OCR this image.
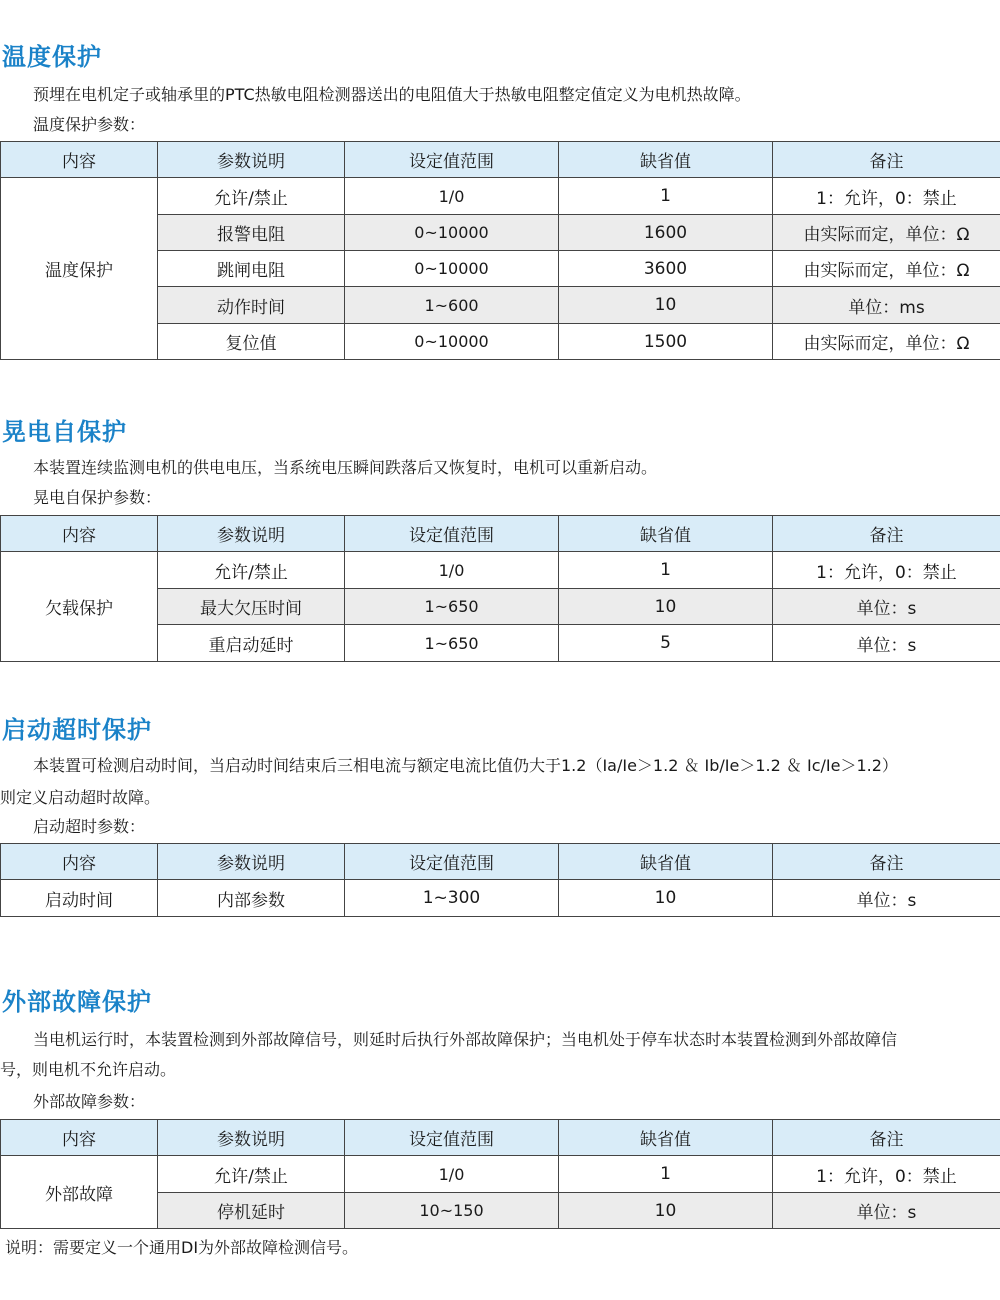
温度保护
预埋在电机定子或轴承里的PTC热敏电阻检测器送出的电阻值大于热敏电阻整定值定义为电机热故障。
温度保护参数：
内容	参数说明	设定值范围	缺省值	备注
温度保护	允许/禁止	1/0	1	1：允许，0：禁止
	报警电阻	0~10000	1600	由实际而定，单位：Ω
	跳闸电阻	0~10000	3600	由实际而定，单位：Ω
	动作时间	1~600	10	单位：ms
	复位值	0~10000	1500	由实际而定，单位：Ω
晃电自保护
本装置连续监测电机的供电电压，当系统电压瞬间跌落后又恢复时，电机可以重新启动。
晃电自保护参数：
内容	参数说明	设定值范围	缺省值	备注
欠载保护	允许/禁止	1/0	1	1：允许，0：禁止
	最大欠压时间	1~650	10	单位：s
	重启动延时	1~650	5	单位：s
启动超时保护
本装置可检测启动时间，当启动时间结束后三相电流与额定电流比值仍大于1.2（Ia/Ie＞1.2 ＆ Ib/Ie＞1.2 ＆ Ic/Ie＞1.2）
则定义启动超时故障。
启动超时参数：
内容	参数说明	设定值范围	缺省值	备注
启动时间	内部参数	1~300	10	单位：s
外部故障保护
当电机运行时，本装置检测到外部故障信号，则延时后执行外部故障保护；当电机处于停车状态时本装置检测到外部故障信
号，则电机不允许启动。
外部故障参数：
内容	参数说明	设定值范围	缺省值	备注
外部故障	允许/禁止	1/0	1	1：允许，0：禁止
	停机延时	10~150	10	单位：s
说明：需要定义一个通用DI为外部故障检测信号。
